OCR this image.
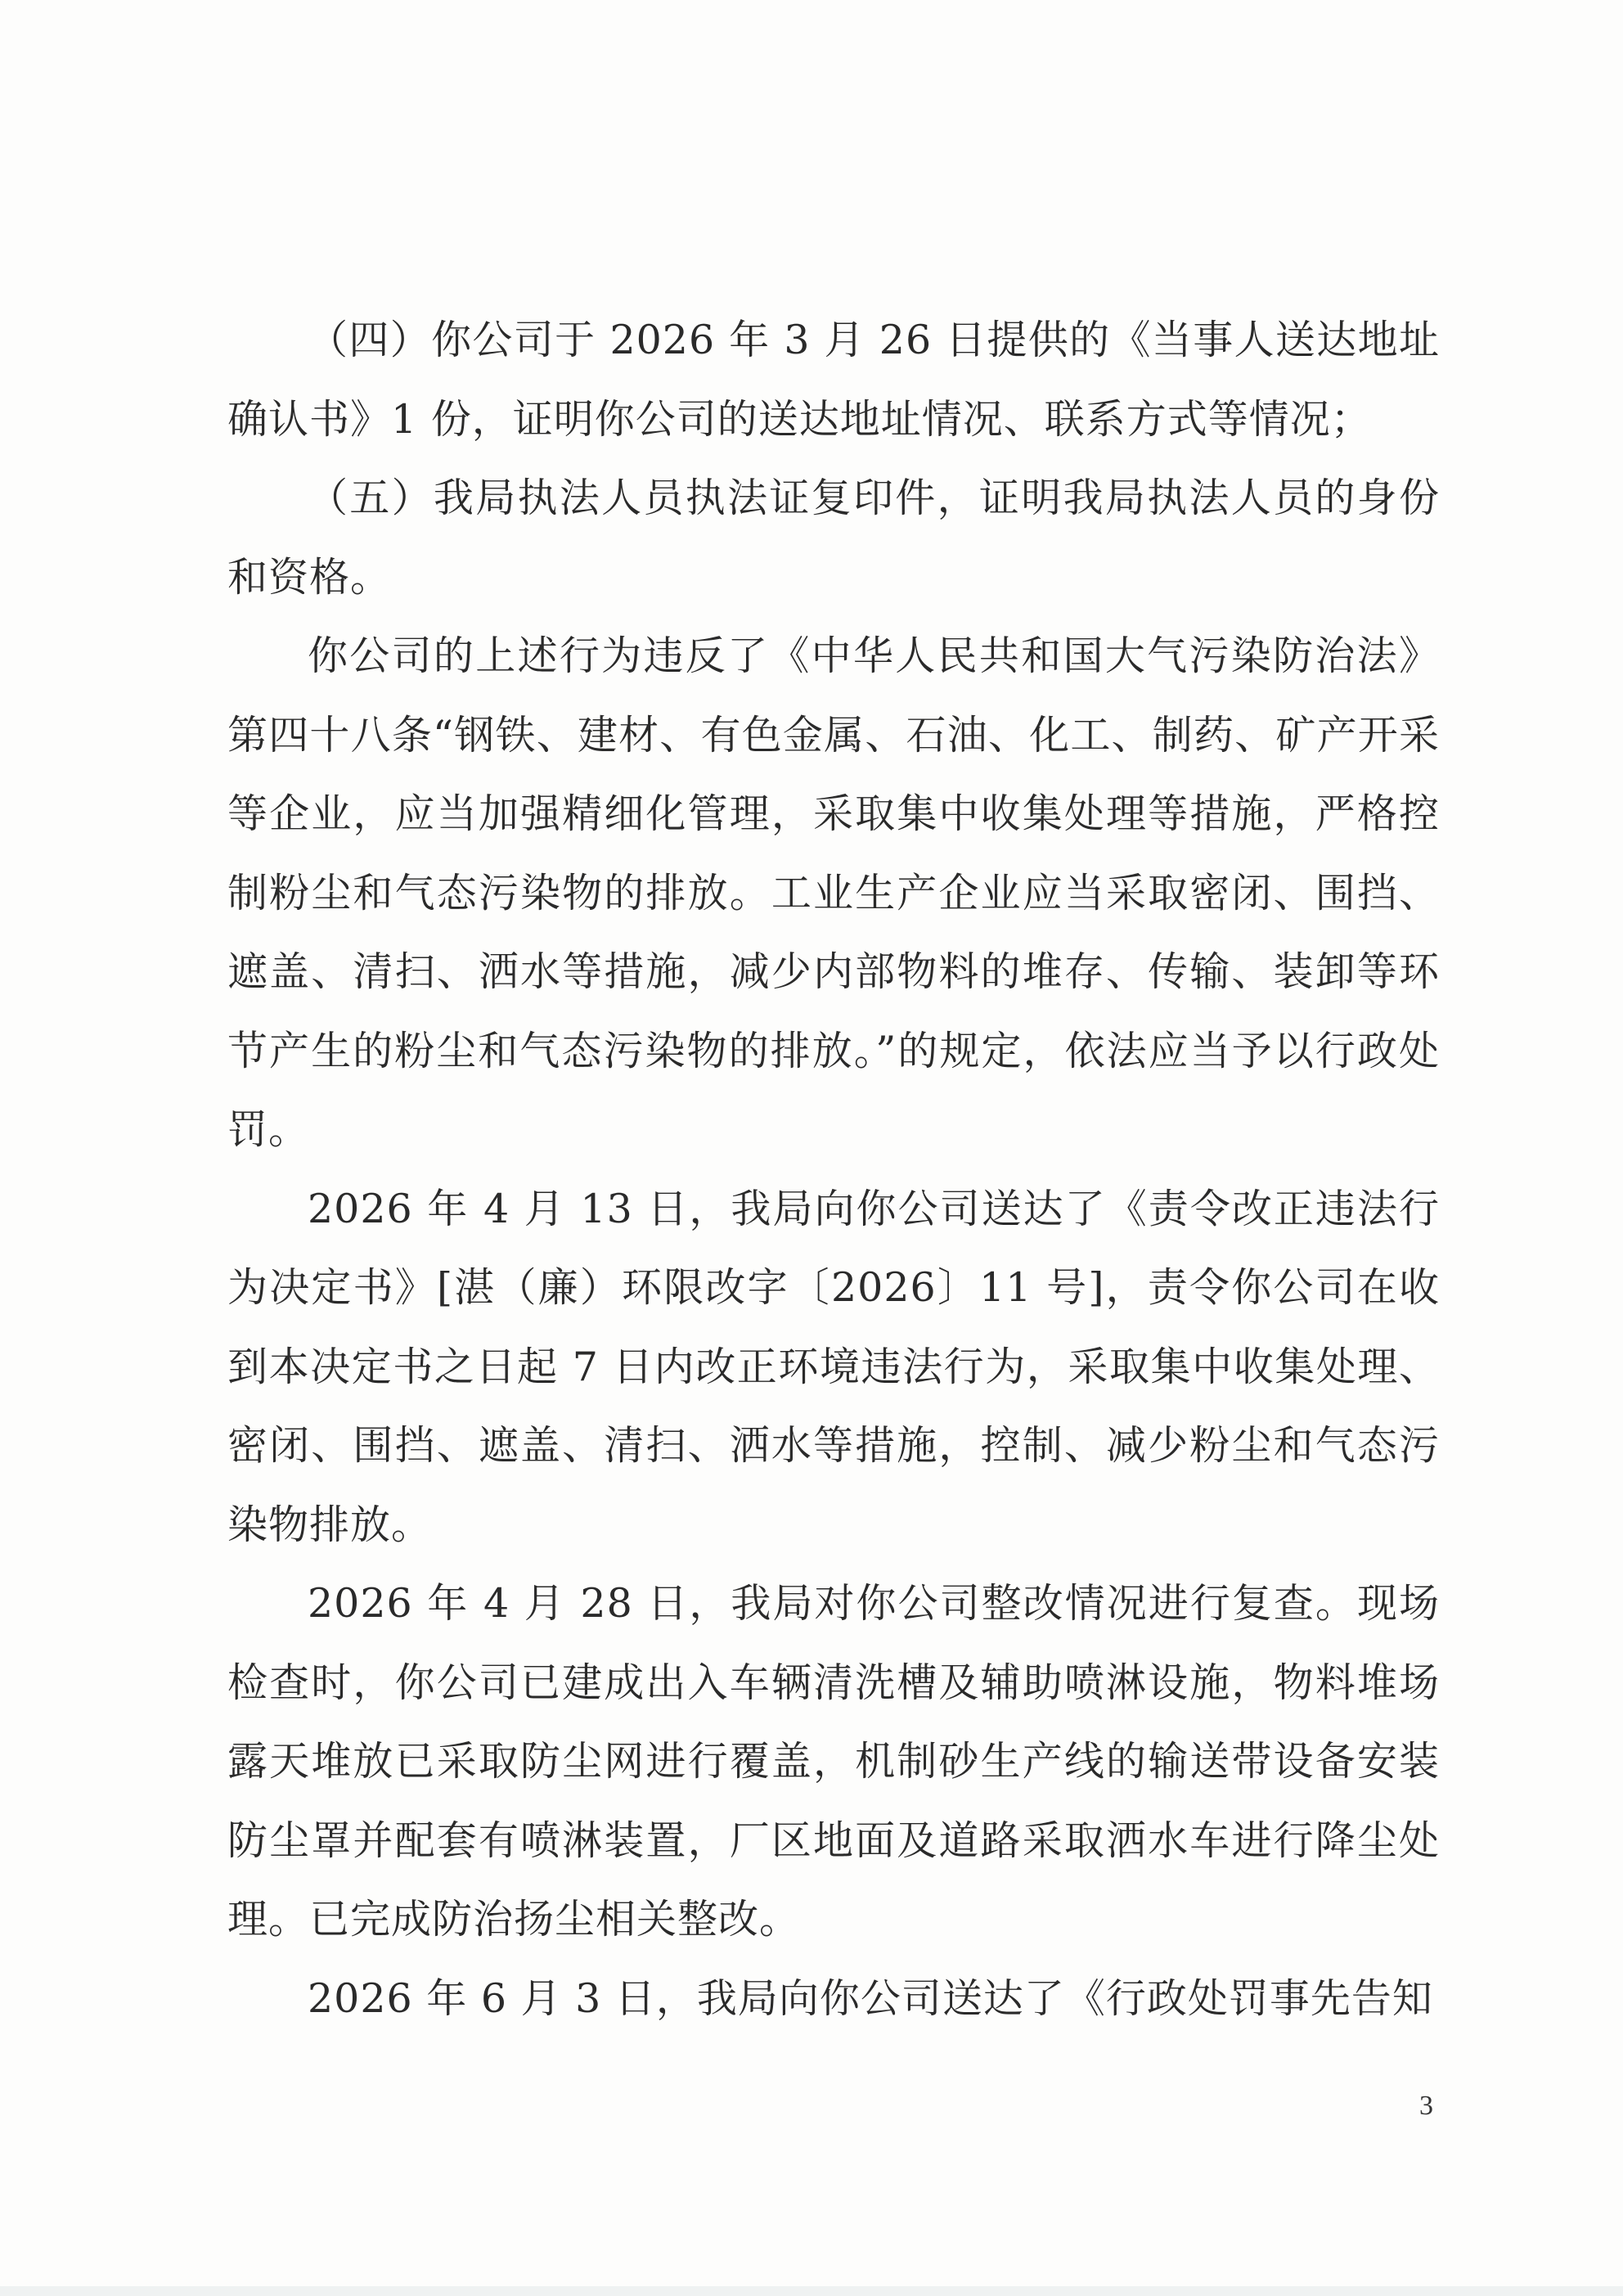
（四）你公司于 2026 年 3 月 26 日提供的《当事人送达地址确认书》1 份，证明你公司的送达地址情况、联系方式等情况；

（五）我局执法人员执法证复印件，证明我局执法人员的身份和资格。

你公司的上述行为违反了《中华人民共和国大气污染防治法》第四十八条“钢铁、建材、有色金属、石油、化工、制药、矿产开采等企业，应当加强精细化管理，采取集中收集处理等措施，严格控制粉尘和气态污染物的排放。工业生产企业应当采取密闭、围挡、遮盖、清扫、洒水等措施，减少内部物料的堆存、传输、装卸等环节产生的粉尘和气态污染物的排放。”的规定，依法应当予以行政处罚。

2026 年 4 月 13 日，我局向你公司送达了《责令改正违法行为决定书》[湛（廉）环限改字〔2026〕11 号]，责令你公司在收到本决定书之日起 7 日内改正环境违法行为，采取集中收集处理、密闭、围挡、遮盖、清扫、洒水等措施，控制、减少粉尘和气态污染物排放。

2026 年 4 月 28 日，我局对你公司整改情况进行复查。现场检查时，你公司已建成出入车辆清洗槽及辅助喷淋设施，物料堆场露天堆放已采取防尘网进行覆盖，机制砂生产线的输送带设备安装防尘罩并配套有喷淋装置，厂区地面及道路采取洒水车进行降尘处理。已完成防治扬尘相关整改。

2026 年 6 月 3 日，我局向你公司送达了《行政处罚事先告知

3
